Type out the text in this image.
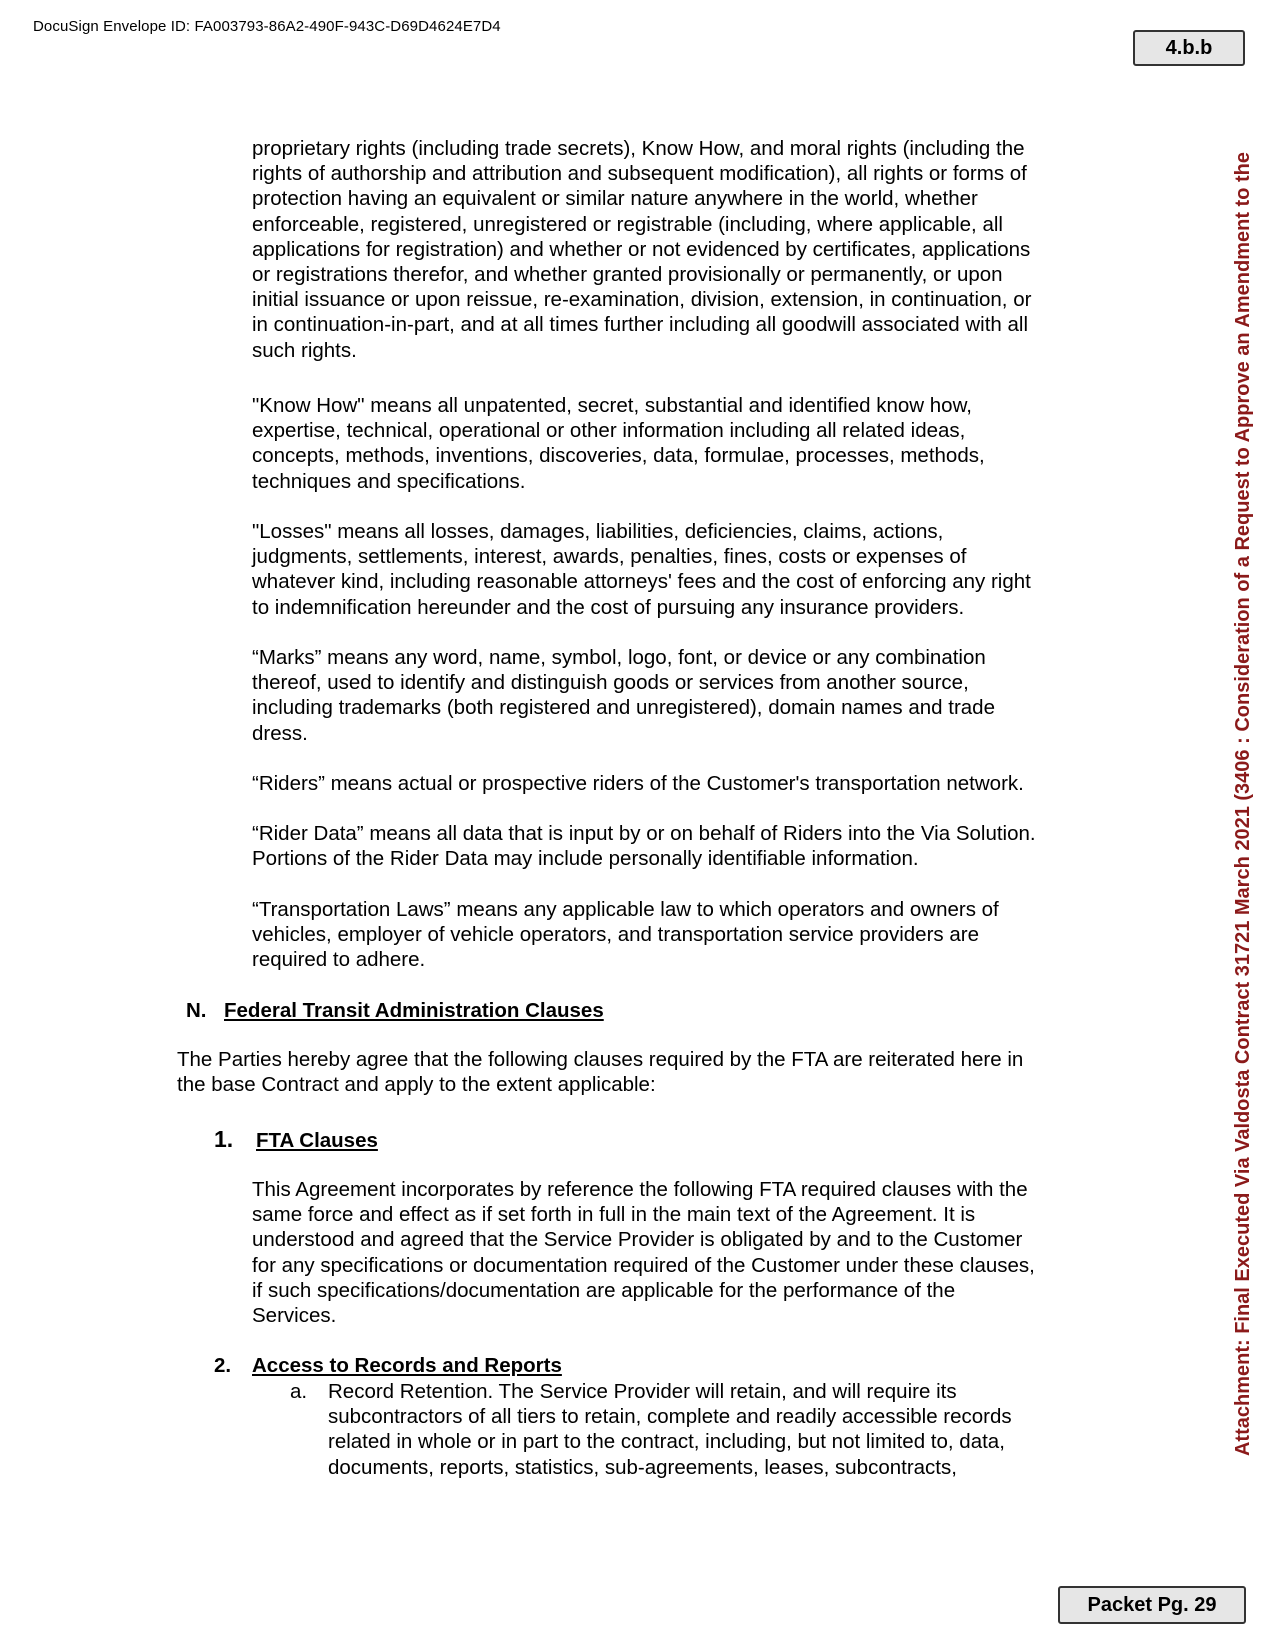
DocuSign Envelope ID: FA003793-86A2-490F-943C-D69D4624E7D4
4.b.b
Attachment: Final Executed Via Valdosta Contract 31721 March 2021 (3406 : Consideration of a Request to Approve an Amendment to the
proprietary rights (including trade secrets), Know How, and moral rights (including the
rights of authorship and attribution and subsequent modification), all rights or forms of
protection having an equivalent or similar nature anywhere in the world, whether
enforceable, registered, unregistered or registrable (including, where applicable, all
applications for registration) and whether or not evidenced by certificates, applications
or registrations therefor, and whether granted provisionally or permanently, or upon
initial issuance or upon reissue, re-examination, division, extension, in continuation, or
in continuation-in-part, and at all times further including all goodwill associated with all
such rights.
"Know How" means all unpatented, secret, substantial and identified know how,
expertise, technical, operational or other information including all related ideas,
concepts, methods, inventions, discoveries, data, formulae, processes, methods,
techniques and specifications.
"Losses" means all losses, damages, liabilities, deficiencies, claims, actions,
judgments, settlements, interest, awards, penalties, fines, costs or expenses of
whatever kind, including reasonable attorneys' fees and the cost of enforcing any right
to indemnification hereunder and the cost of pursuing any insurance providers.
“Marks” means any word, name, symbol, logo, font, or device or any combination
thereof, used to identify and distinguish goods or services from another source,
including trademarks (both registered and unregistered), domain names and trade
dress.
“Riders” means actual or prospective riders of the Customer's transportation network.
“Rider Data” means all data that is input by or on behalf of Riders into the Via Solution.
Portions of the Rider Data may include personally identifiable information.
“Transportation Laws” means any applicable law to which operators and owners of
vehicles, employer of vehicle operators, and transportation service providers are
required to adhere.
N. Federal Transit Administration Clauses
The Parties hereby agree that the following clauses required by the FTA are reiterated here in
the base Contract and apply to the extent applicable:
1. FTA Clauses
This Agreement incorporates by reference the following FTA required clauses with the
same force and effect as if set forth in full in the main text of the Agreement. It is
understood and agreed that the Service Provider is obligated by and to the Customer
for any specifications or documentation required of the Customer under these clauses,
if such specifications/documentation are applicable for the performance of the
Services.
2. Access to Records and Reports
a. Record Retention. The Service Provider will retain, and will require its
subcontractors of all tiers to retain, complete and readily accessible records
related in whole or in part to the contract, including, but not limited to, data,
documents, reports, statistics, sub-agreements, leases, subcontracts,
Packet Pg. 29
